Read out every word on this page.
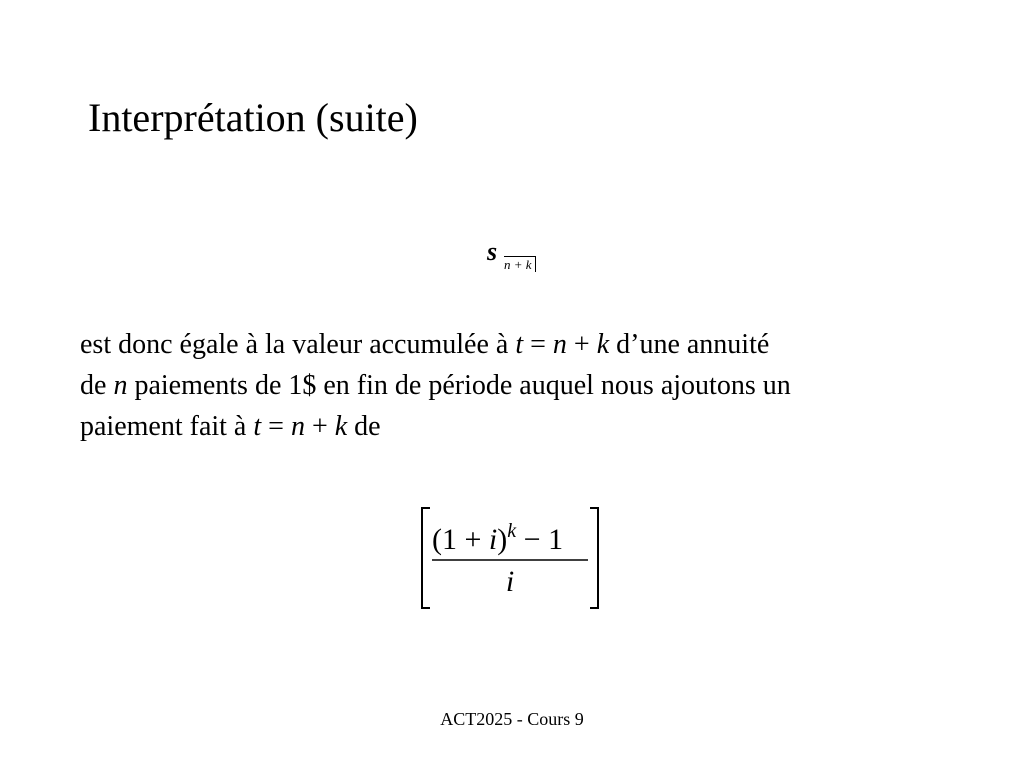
Interprétation (suite)
s n + k

est donc égale à la valeur accumulée à t = n + k d’une annuité
de n paiements de 1$ en fin de période auquel nous ajoutons un
paiement fait à t = n + k de

$(1 + i)^k - 1$
i
ACT2025 - Cours 9
